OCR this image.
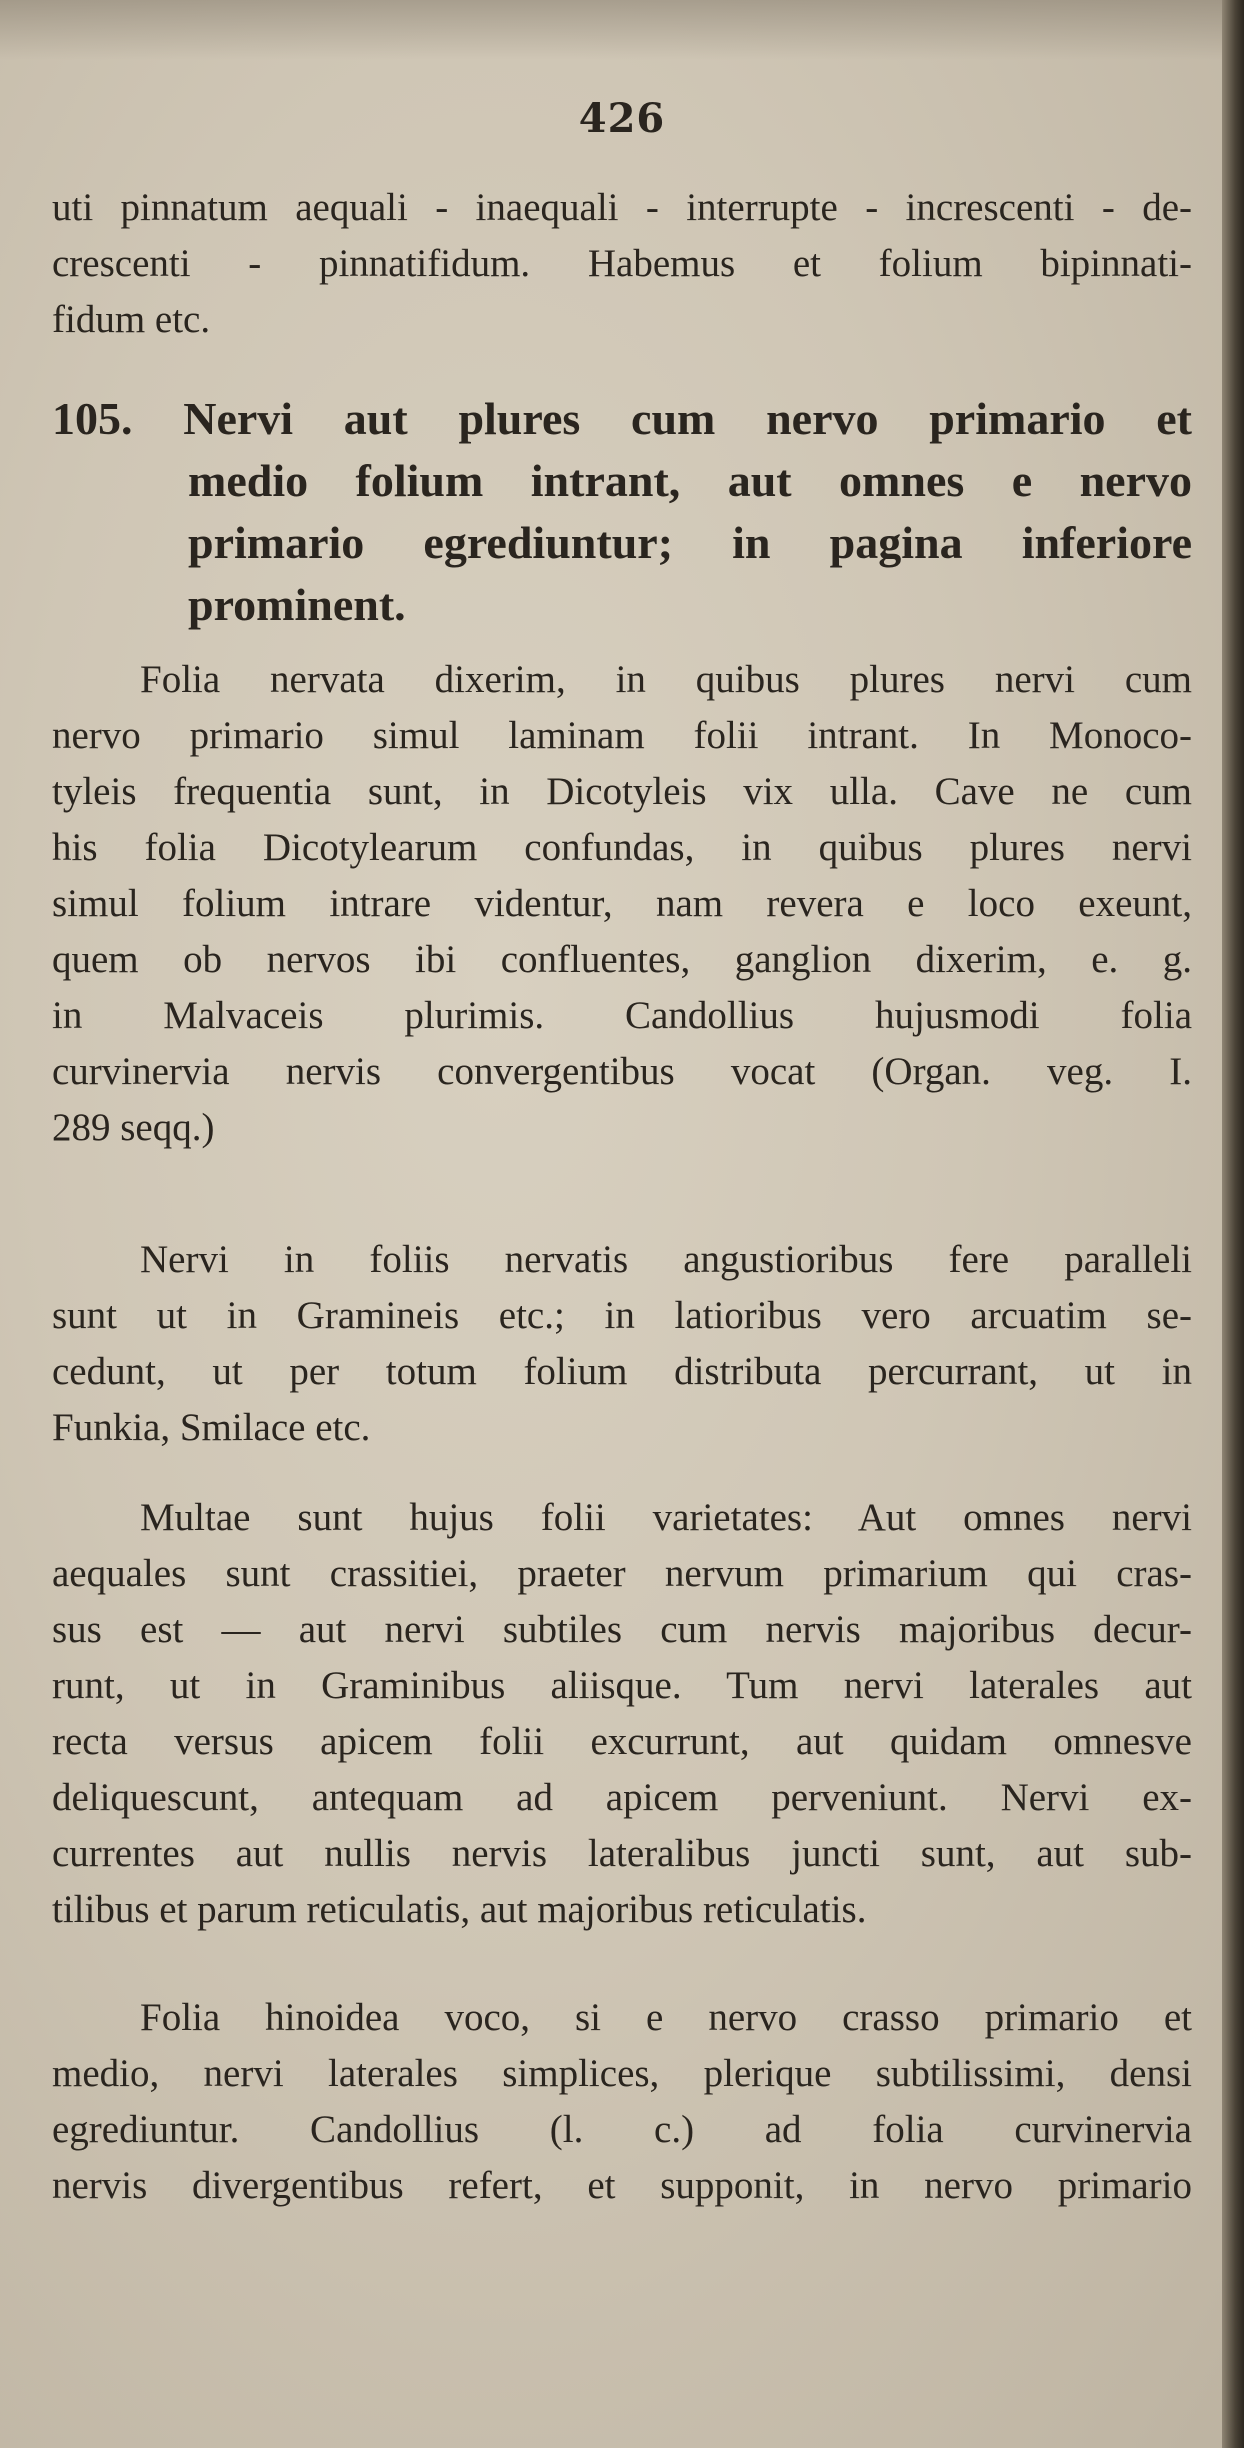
426
uti pinnatum aequali - inaequali - interrupte - increscenti - de-
crescenti - pinnatifidum. Habemus et folium bipinnati-
fidum etc.
105. Nervi aut plures cum nervo primario et
medio folium intrant, aut omnes e nervo
primario egrediuntur; in pagina inferiore
prominent.
Folia nervata dixerim, in quibus plures nervi cum
nervo primario simul laminam folii intrant. In Monoco-
tyleis frequentia sunt, in Dicotyleis vix ulla. Cave ne cum
his folia Dicotylearum confundas, in quibus plures nervi
simul folium intrare videntur, nam revera e loco exeunt,
quem ob nervos ibi confluentes, ganglion dixerim, e. g.
in Malvaceis plurimis. Candollius hujusmodi folia
curvinervia nervis convergentibus vocat (Organ. veg. I.
289 seqq.)
Nervi in foliis nervatis angustioribus fere paralleli
sunt ut in Gramineis etc.; in latioribus vero arcuatim se-
cedunt, ut per totum folium distributa percurrant, ut in
Funkia, Smilace etc.
Multae sunt hujus folii varietates: Aut omnes nervi
aequales sunt crassitiei, praeter nervum primarium qui cras-
sus est — aut nervi subtiles cum nervis majoribus decur-
runt, ut in Graminibus aliisque. Tum nervi laterales aut
recta versus apicem folii excurrunt, aut quidam omnesve
deliquescunt, antequam ad apicem perveniunt. Nervi ex-
currentes aut nullis nervis lateralibus juncti sunt, aut sub-
tilibus et parum reticulatis, aut majoribus reticulatis.
Folia hinoidea voco, si e nervo crasso primario et
medio, nervi laterales simplices, plerique subtilissimi, densi
egrediuntur. Candollius (l. c.) ad folia curvinervia
nervis divergentibus refert, et supponit, in nervo primario
